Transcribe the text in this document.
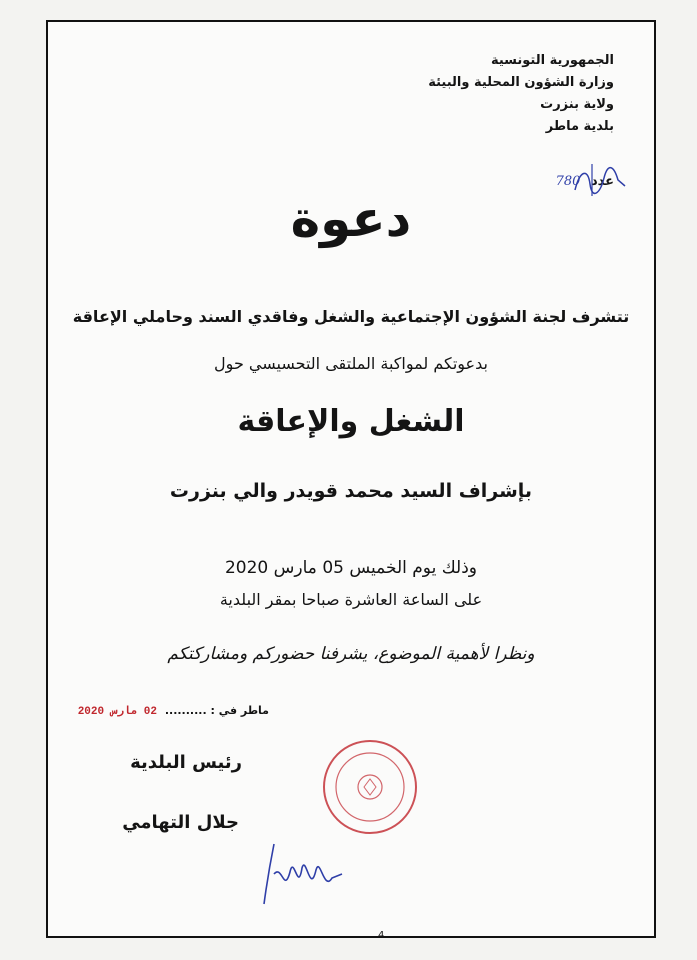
الجمهورية التونسية
وزارة الشؤون المحلية والبيئة
ولاية بنزرت
بلدية ماطر
عدد 780
دعوة
تتشرف لجنة الشؤون الإجتماعية والشغل وفاقدي السند وحاملي الإعاقة
بدعوتكم لمواكبة الملتقى التحسيسي حول
الشغل والإعاقة
بإشراف السيد محمد قويدر والي بنزرت
وذلك يوم الخميس 05 مارس 2020
على الساعة العاشرة صباحا بمقر البلدية
ونظرا لأهمية الموضوع، يشرفنا حضوركم ومشاركتكم
ماطر في : .......... 02 مارس 2020
رئيس البلدية
جلال التهامي
4
